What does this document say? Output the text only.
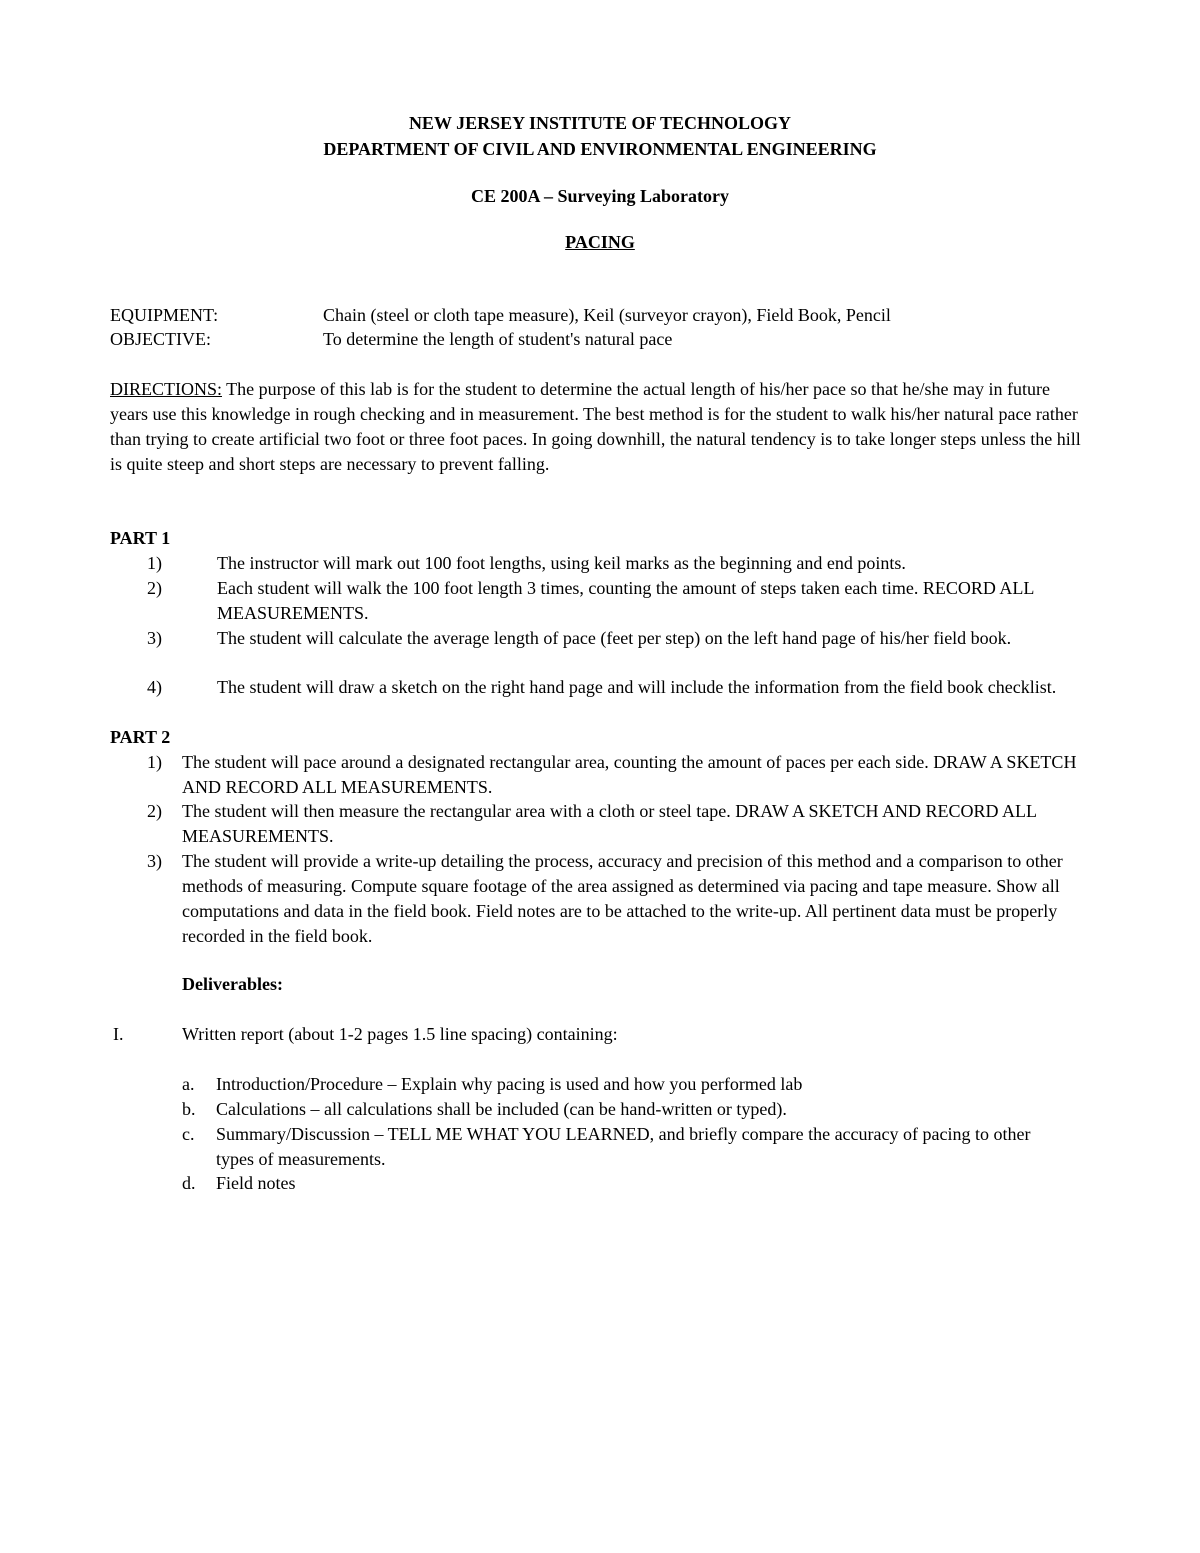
NEW JERSEY INSTITUTE OF TECHNOLOGY
DEPARTMENT OF CIVIL AND ENVIRONMENTAL ENGINEERING
CE 200A – Surveying Laboratory
PACING
EQUIPMENT:	Chain (steel or cloth tape measure), Keil (surveyor crayon), Field Book, Pencil
OBJECTIVE:	To determine the length of student's natural pace
DIRECTIONS: The purpose of this lab is for the student to determine the actual length of his/her pace so that he/she may in future years use this knowledge in rough checking and in measurement. The best method is for the student to walk his/her natural pace rather than trying to create artificial two foot or three foot paces. In going downhill, the natural tendency is to take longer steps unless the hill is quite steep and short steps are necessary to prevent falling.
PART 1
1)	The instructor will mark out 100 foot lengths, using keil marks as the beginning and end points.
2)	Each student will walk the 100 foot length 3 times, counting the amount of steps taken each time. RECORD ALL MEASUREMENTS.
3)	The student will calculate the average length of pace (feet per step) on the left hand page of his/her field book.
4)	The student will draw a sketch on the right hand page and will include the information from the field book checklist.
PART 2
1) The student will pace around a designated rectangular area, counting the amount of paces per each side. DRAW A SKETCH AND RECORD ALL MEASUREMENTS.
2) The student will then measure the rectangular area with a cloth or steel tape. DRAW A SKETCH AND RECORD ALL MEASUREMENTS.
3) The student will provide a write-up detailing the process, accuracy and precision of this method and a comparison to other methods of measuring. Compute square footage of the area assigned as determined via pacing and tape measure. Show all computations and data in the field book. Field notes are to be attached to the write-up. All pertinent data must be properly recorded in the field book.
Deliverables:
I.	Written report (about 1-2 pages 1.5 line spacing) containing:
a. Introduction/Procedure – Explain why pacing is used and how you performed lab
b. Calculations – all calculations shall be included (can be hand-written or typed).
c. Summary/Discussion – TELL ME WHAT YOU LEARNED, and briefly compare the accuracy of pacing to other types of measurements.
d. Field notes
